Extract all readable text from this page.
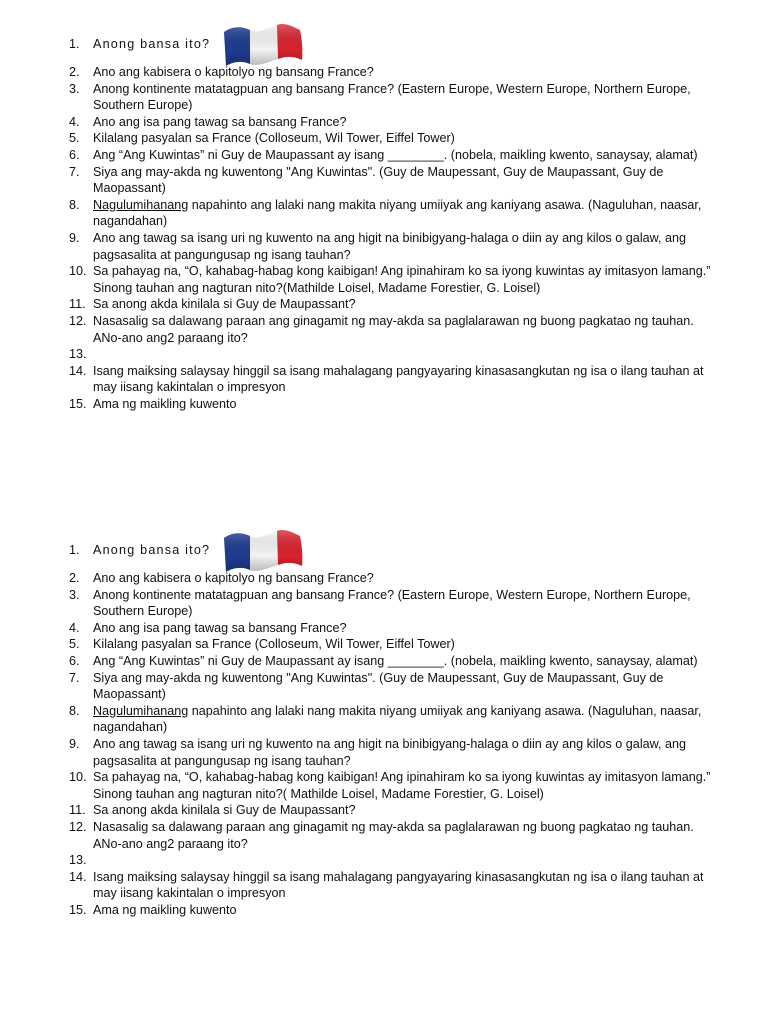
1.	Anong bansa ito?
2.	Ano ang kabisera o kapitolyo ng bansang France?
3.	Anong kontinente matatagpuan ang bansang France? (Eastern Europe, Western Europe, Northern Europe, Southern Europe)
4.	Ano ang isa pang tawag sa bansang France?
5.	Kilalang pasyalan sa France (Colloseum, Wil Tower, Eiffel Tower)
6.	Ang “Ang Kuwintas” ni Guy de Maupassant ay isang ________. (nobela, maikling kwento, sanaysay, alamat)
7.	Siya ang may-akda ng kuwentong "Ang Kuwintas". (Guy de Maupessant, Guy de Maupassant, Guy de Maopassant)
8.	Nagulumihanang napahinto ang lalaki nang makita niyang umiiyak ang kaniyang asawa. (Naguluhan, naasar, nagandahan)
9.	Ano ang tawag sa isang uri ng kuwento na ang higit na binibigyang-halaga o diin ay ang kilos o galaw, ang pagsasalita at pangungusap ng isang tauhan?
10. Sa pahayag na, “O, kahabag-habag kong kaibigan! Ang ipinahiram ko sa iyong kuwintas ay imitasyon lamang.” Sinong tauhan ang nagturan nito?(Mathilde Loisel, Madame Forestier, G. Loisel)
11. Sa anong akda kinilala si Guy de Maupassant?
12. Nasasalig sa dalawang paraan ang ginagamit ng may-akda sa paglalarawan ng buong pagkatao ng tauhan. ANo-ano ang2 paraang ito?
13.
14. Isang maiksing salaysay hinggil sa isang mahalagang pangyayaring kinasasangkutan ng isa o ilang tauhan at may iisang kakintalan o impresyon
15. Ama ng maikling kuwento
1.	Anong bansa ito?
2.	Ano ang kabisera o kapitolyo ng bansang France?
3.	Anong kontinente matatagpuan ang bansang France? (Eastern Europe, Western Europe, Northern Europe, Southern Europe)
4.	Ano ang isa pang tawag sa bansang France?
5.	Kilalang pasyalan sa France (Colloseum, Wil Tower, Eiffel Tower)
6.	Ang “Ang Kuwintas” ni Guy de Maupassant ay isang ________. (nobela, maikling kwento, sanaysay, alamat)
7.	Siya ang may-akda ng kuwentong "Ang Kuwintas". (Guy de Maupessant, Guy de Maupassant, Guy de Maopassant)
8.	Nagulumihanang napahinto ang lalaki nang makita niyang umiiyak ang kaniyang asawa. (Naguluhan, naasar, nagandahan)
9.	Ano ang tawag sa isang uri ng kuwento na ang higit na binibigyang-halaga o diin ay ang kilos o galaw, ang pagsasalita at pangungusap ng isang tauhan?
10. Sa pahayag na, “O, kahabag-habag kong kaibigan! Ang ipinahiram ko sa iyong kuwintas ay imitasyon lamang.” Sinong tauhan ang nagturan nito?( Mathilde Loisel, Madame Forestier, G. Loisel)
11. Sa anong akda kinilala si Guy de Maupassant?
12. Nasasalig sa dalawang paraan ang ginagamit ng may-akda sa paglalarawan ng buong pagkatao ng tauhan. ANo-ano ang2 paraang ito?
13.
14. Isang maiksing salaysay hinggil sa isang mahalagang pangyayaring kinasasangkutan ng isa o ilang tauhan at may iisang kakintalan o impresyon
15. Ama ng maikling kuwento
